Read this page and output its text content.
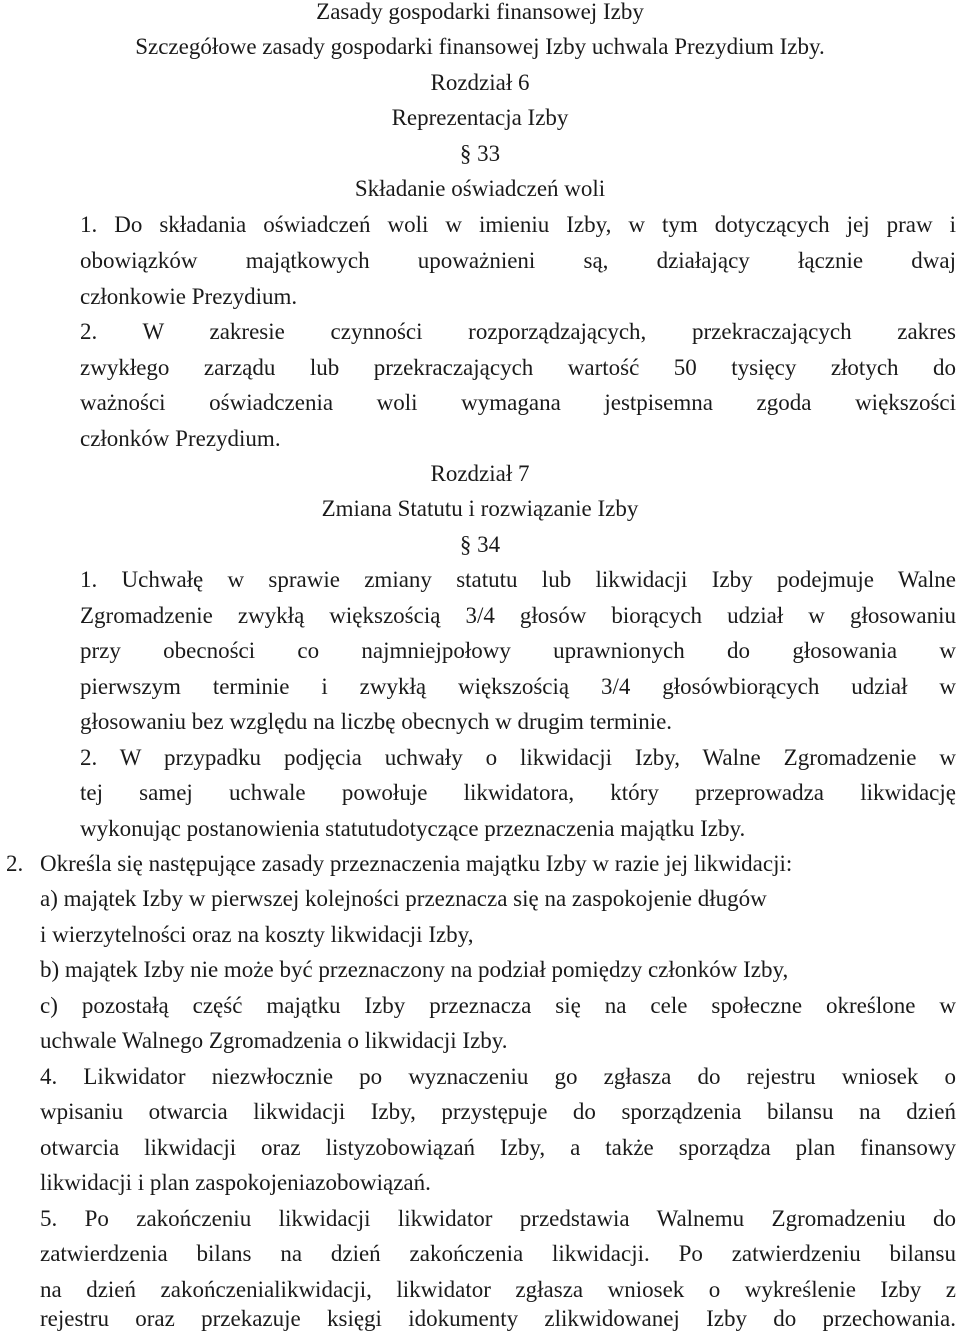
Zasady gospodarki finansowej Izby
Szczegółowe zasady gospodarki finansowej Izby uchwala Prezydium Izby.
Rozdział 6
Reprezentacja Izby
§ 33
Składanie oświadczeń woli
1. Do składania oświadczeń woli w imieniu Izby, w tym dotyczących jej praw i
obowiązków majątkowych upoważnieni są, działający łącznie dwaj
członkowie Prezydium.
2. W zakresie czynności rozporządzających, przekraczających zakres
zwykłego zarządu lub przekraczających wartość 50 tysięcy złotych do
ważności oświadczenia woli wymagana jestpisemna zgoda większości
członków Prezydium.
Rozdział 7
Zmiana Statutu i rozwiązanie Izby
§ 34
1. Uchwałę w sprawie zmiany statutu lub likwidacji Izby podejmuje Walne
Zgromadzenie zwykłą większością 3/4 głosów biorących udział w głosowaniu
przy obecności co najmniejpołowy uprawnionych do głosowania w
pierwszym terminie i zwykłą większością 3/4 głosówbiorących udział w
głosowaniu bez względu na liczbę obecnych w drugim terminie.
2. W przypadku podjęcia uchwały o likwidacji Izby, Walne Zgromadzenie w
tej samej uchwale powołuje likwidatora, który przeprowadza likwidację
wykonując postanowienia statutudotyczące przeznaczenia majątku Izby.
2. Określa się następujące zasady przeznaczenia majątku Izby w razie jej likwidacji:
a) majątek Izby w pierwszej kolejności przeznacza się na zaspokojenie długów
i wierzytelności oraz na koszty likwidacji Izby,
b) majątek Izby nie może być przeznaczony na podział pomiędzy członków Izby,
c) pozostałą część majątku Izby przeznacza się na cele społeczne określone w
uchwale Walnego Zgromadzenia o likwidacji Izby.
4. Likwidator niezwłocznie po wyznaczeniu go zgłasza do rejestru wniosek o
wpisaniu otwarcia likwidacji Izby, przystępuje do sporządzenia bilansu na dzień
otwarcia likwidacji oraz listyzobowiązań Izby, a także sporządza plan finansowy
likwidacji i plan zaspokojeniazobowiązań.
5. Po zakończeniu likwidacji likwidator przedstawia Walnemu Zgromadzeniu do
zatwierdzenia bilans na dzień zakończenia likwidacji. Po zatwierdzeniu bilansu
na dzień zakończenialikwidacji, likwidator zgłasza wniosek o wykreślenie Izby z
rejestru oraz przekazuje księgi idokumenty zlikwidowanej Izby do przechowania.
